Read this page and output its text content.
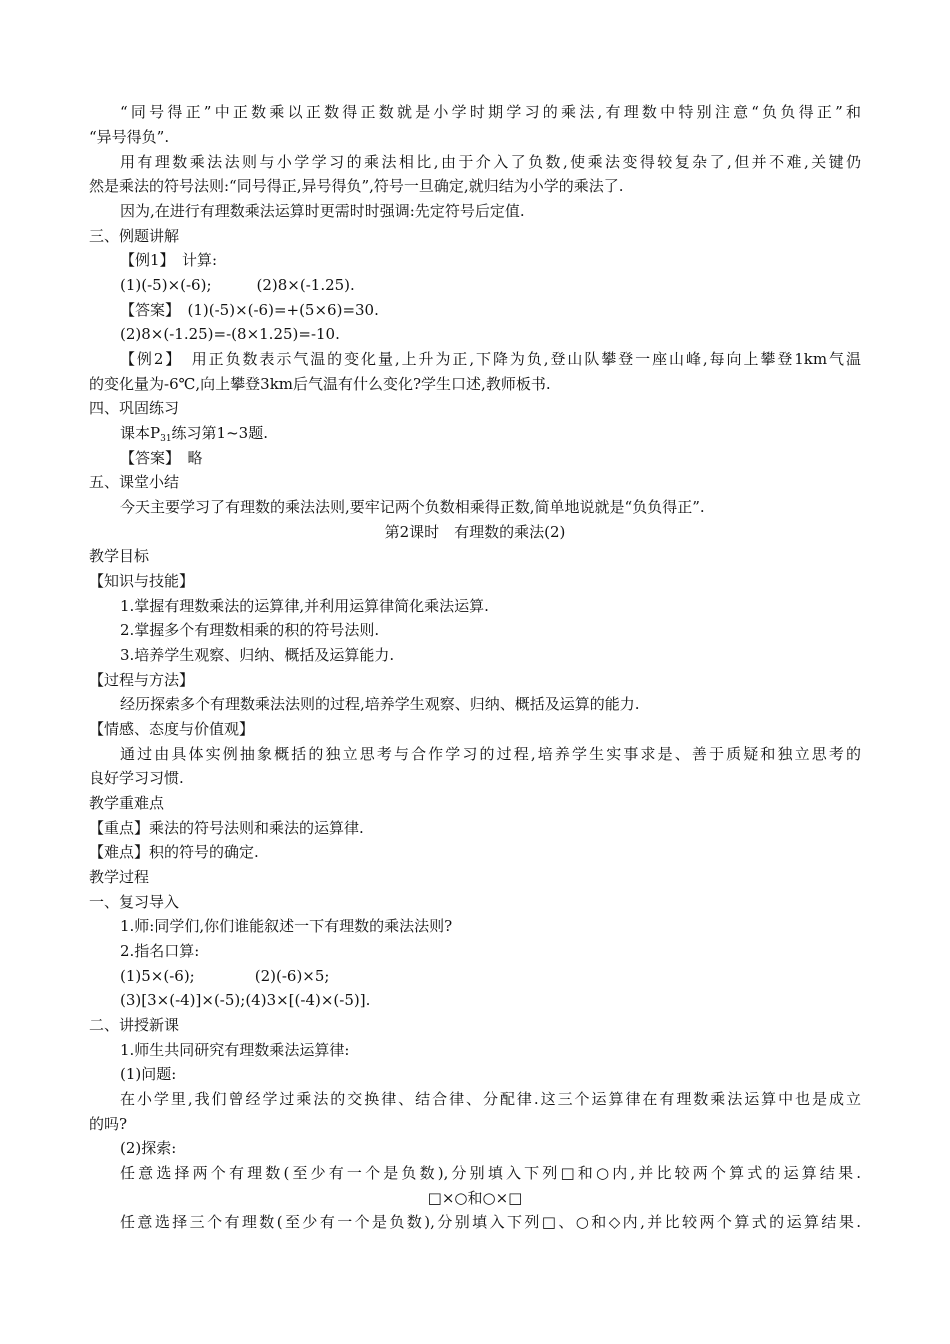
“同号得正”中正数乘以正数得正数就是小学时期学习的乘法,有理数中特别注意“负负得正”和
“异号得负”.
用有理数乘法法则与小学学习的乘法相比,由于介入了负数,使乘法变得较复杂了,但并不难,关键仍
然是乘法的符号法则:“同号得正,异号得负”,符号一旦确定,就归结为小学的乘法了.
因为,在进行有理数乘法运算时更需时时强调:先定符号后定值.
三、例题讲解
【例1】　计算:
(1)(-5)×(-6);　　　(2)8×(-1.25).
【答案】　(1)(-5)×(-6)=+(5×6)=30.
(2)8×(-1.25)=-(8×1.25)=-10.
【例2】　用正负数表示气温的变化量,上升为正,下降为负,登山队攀登一座山峰,每向上攀登1km气温
的变化量为-6℃,向上攀登3km后气温有什么变化?学生口述,教师板书.
四、巩固练习
课本$P_{31}$练习第1~3题.
【答案】　略
五、课堂小结
今天主要学习了有理数的乘法法则,要牢记两个负数相乘得正数,简单地说就是“负负得正”.
第2课时　有理数的乘法(2)
教学目标
【知识与技能】
1.掌握有理数乘法的运算律,并利用运算律简化乘法运算.
2.掌握多个有理数相乘的积的符号法则.
3.培养学生观察、归纳、概括及运算能力.
【过程与方法】
经历探索多个有理数乘法法则的过程,培养学生观察、归纳、概括及运算的能力.
【情感、态度与价值观】
通过由具体实例抽象概括的独立思考与合作学习的过程,培养学生实事求是、善于质疑和独立思考的
良好学习习惯.
教学重难点
【重点】乘法的符号法则和乘法的运算律.
【难点】积的符号的确定.
教学过程
一、复习导入
1.师:同学们,你们谁能叙述一下有理数的乘法法则?
2.指名口算:
(1)5×(-6);　　　　(2)(-6)×5;
(3)[3×(-4)]×(-5);(4)3×[(-4)×(-5)].
二、讲授新课
1.师生共同研究有理数乘法运算律:
(1)问题:
在小学里,我们曾经学过乘法的交换律、结合律、分配律.这三个运算律在有理数乘法运算中也是成立
的吗?
(2)探索:
任意选择两个有理数(至少有一个是负数),分别填入下列□和○内,并比较两个算式的运算结果.
□×○和○×□
任意选择三个有理数(至少有一个是负数),分别填入下列□、○和◇内,并比较两个算式的运算结果.
